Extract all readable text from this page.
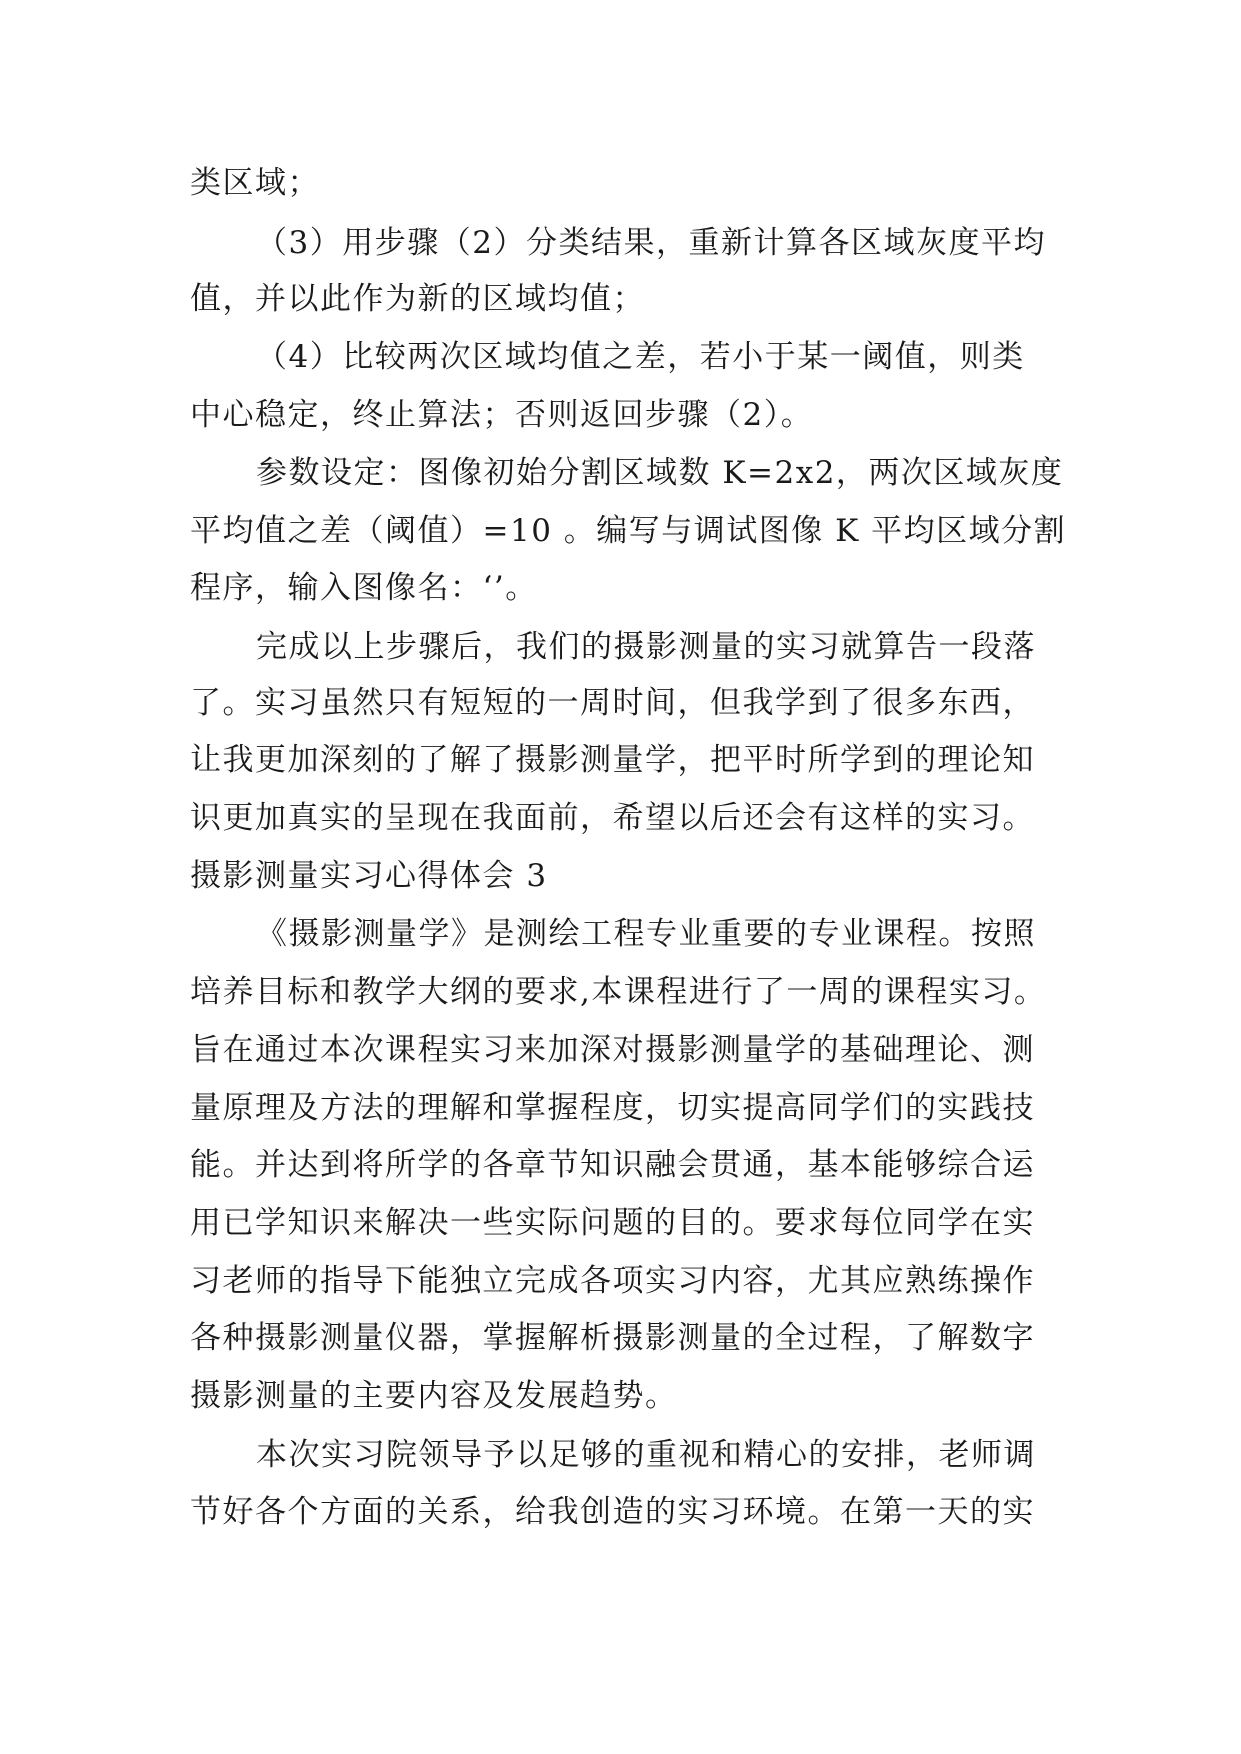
类区域；
（3）用步骤（2）分类结果，重新计算各区域灰度平均
值，并以此作为新的区域均值；
（4）比较两次区域均值之差，若小于某一阈值，则类
中心稳定，终止算法；否则返回步骤（2）。
参数设定：图像初始分割区域数 K=2x2，两次区域灰度
平均值之差（阈值）=10 。编写与调试图像 K 平均区域分割
程序，输入图像名：‘’。
完成以上步骤后，我们的摄影测量的实习就算告一段落
了。实习虽然只有短短的一周时间，但我学到了很多东西，
让我更加深刻的了解了摄影测量学，把平时所学到的理论知
识更加真实的呈现在我面前，希望以后还会有这样的实习。
摄影测量实习心得体会 3
《摄影测量学》是测绘工程专业重要的专业课程。按照
培养目标和教学大纲的要求,本课程进行了一周的课程实习。
旨在通过本次课程实习来加深对摄影测量学的基础理论、测
量原理及方法的理解和掌握程度，切实提高同学们的实践技
能。并达到将所学的各章节知识融会贯通，基本能够综合运
用已学知识来解决一些实际问题的目的。要求每位同学在实
习老师的指导下能独立完成各项实习内容，尤其应熟练操作
各种摄影测量仪器，掌握解析摄影测量的全过程，了解数字
摄影测量的主要内容及发展趋势。
本次实习院领导予以足够的重视和精心的安排，老师调
节好各个方面的关系，给我创造的实习环境。在第一天的实
